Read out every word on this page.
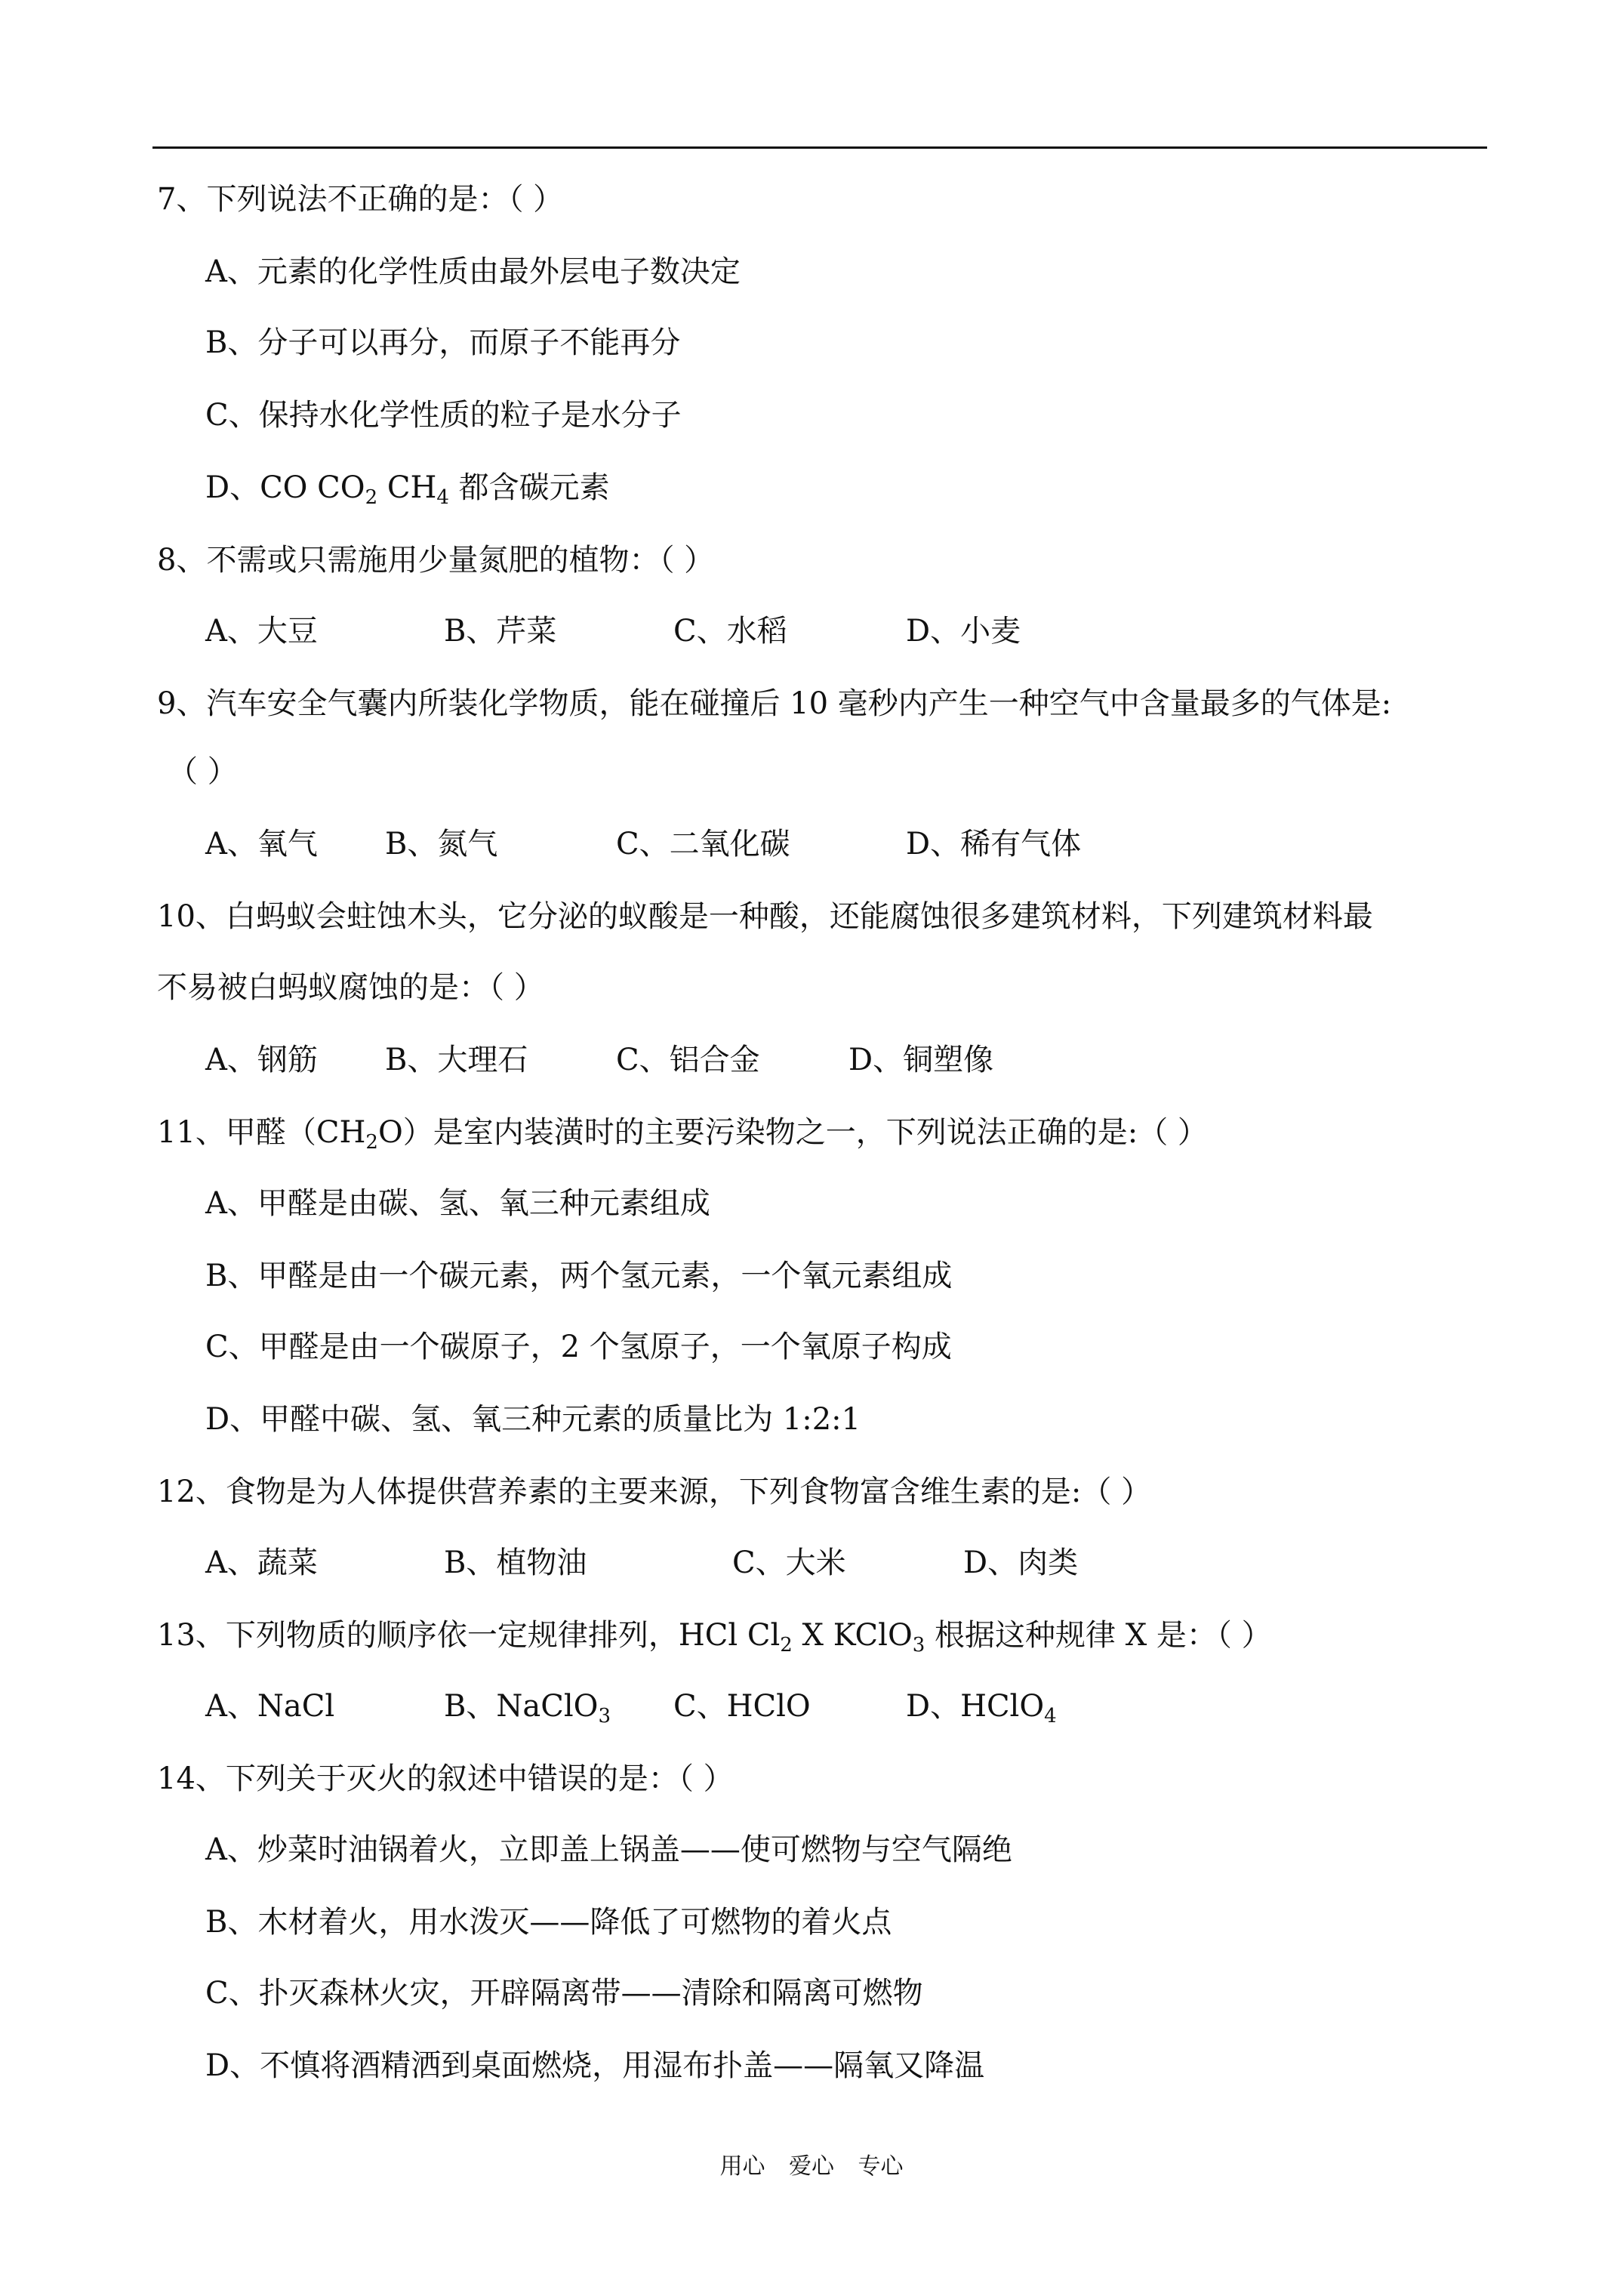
7、下列说法不正确的是：（ ）
A、元素的化学性质由最外层电子数决定
B、分子可以再分，而原子不能再分
C、保持水化学性质的粒子是水分子
D、CO $CO_2$ $CH_4$ 都含碳元素
8、不需或只需施用少量氮肥的植物：（ ）
A、大豆	B、芹菜	C、水稻	D、小麦
9、汽车安全气囊内所装化学物质，能在碰撞后 10 毫秒内产生一种空气中含量最多的气体是:
（ ）
A、氧气 B、氮气	C、二氧化碳	D、稀有气体
10、白蚂蚁会蛀蚀木头，它分泌的蚁酸是一种酸，还能腐蚀很多建筑材料，下列建筑材料最
不易被白蚂蚁腐蚀的是：（ ）
A、钢筋 B、大理石	C、铝合金	D、铜塑像
11、甲醛$(CH_2O)$是室内装潢时的主要污染物之一，下列说法正确的是:（ ）
A、甲醛是由碳、氢、氧三种元素组成
B、甲醛是由一个碳元素，两个氢元素，一个氧元素组成
C、甲醛是由一个碳原子，2 个氢原子，一个氧原子构成
D、甲醛中碳、氢、氧三种元素的质量比为 1:2:1
12、食物是为人体提供营养素的主要来源，下列食物富含维生素的是:（ ）
A、蔬菜	B、植物油	C、大米	D、肉类
13、下列物质的顺序依一定规律排列，HCl $Cl_2$ X KClO$_3$ 根据这种规律 X 是：（ ）
A、NaCl	B、NaClO$_3$ C、HClO	D、HClO$_4$
14、下列关于灭火的叙述中错误的是：（ ）
A、炒菜时油锅着火，立即盖上锅盖——使可燃物与空气隔绝
B、木材着火，用水泼灭——降低了可燃物的着火点
C、扑灭森林火灾，开辟隔离带——清除和隔离可燃物
D、不慎将酒精洒到桌面燃烧，用湿布扑盖——隔氧又降温
用心 爱心 专心
